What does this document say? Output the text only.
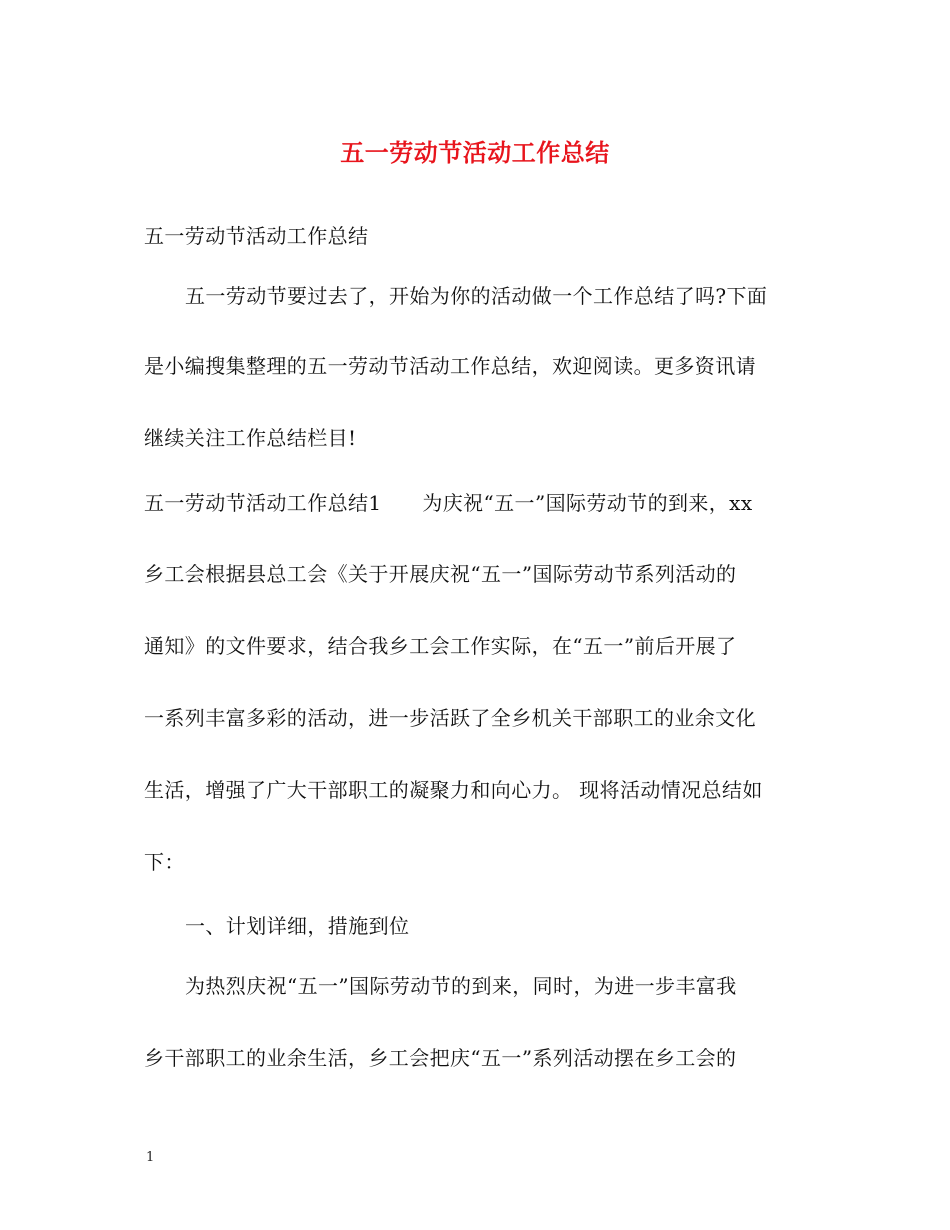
五一劳动节活动工作总结
五一劳动节活动工作总结
五一劳动节要过去了，开始为你的活动做一个工作总结了吗?下面
是小编搜集整理的五一劳动节活动工作总结，欢迎阅读。更多资讯请
继续关注工作总结栏目!
五一劳动节活动工作总结1　　为庆祝“五一”国际劳动节的到来，xx
乡工会根据县总工会《关于开展庆祝“五一”国际劳动节系列活动的
通知》的文件要求，结合我乡工会工作实际，在“五一”前后开展了
一系列丰富多彩的活动，进一步活跃了全乡机关干部职工的业余文化
生活，增强了广大干部职工的凝聚力和向心力。 现将活动情况总结如
下：
一、计划详细，措施到位
为热烈庆祝“五一”国际劳动节的到来，同时，为进一步丰富我
乡干部职工的业余生活，乡工会把庆“五一”系列活动摆在乡工会的
1
